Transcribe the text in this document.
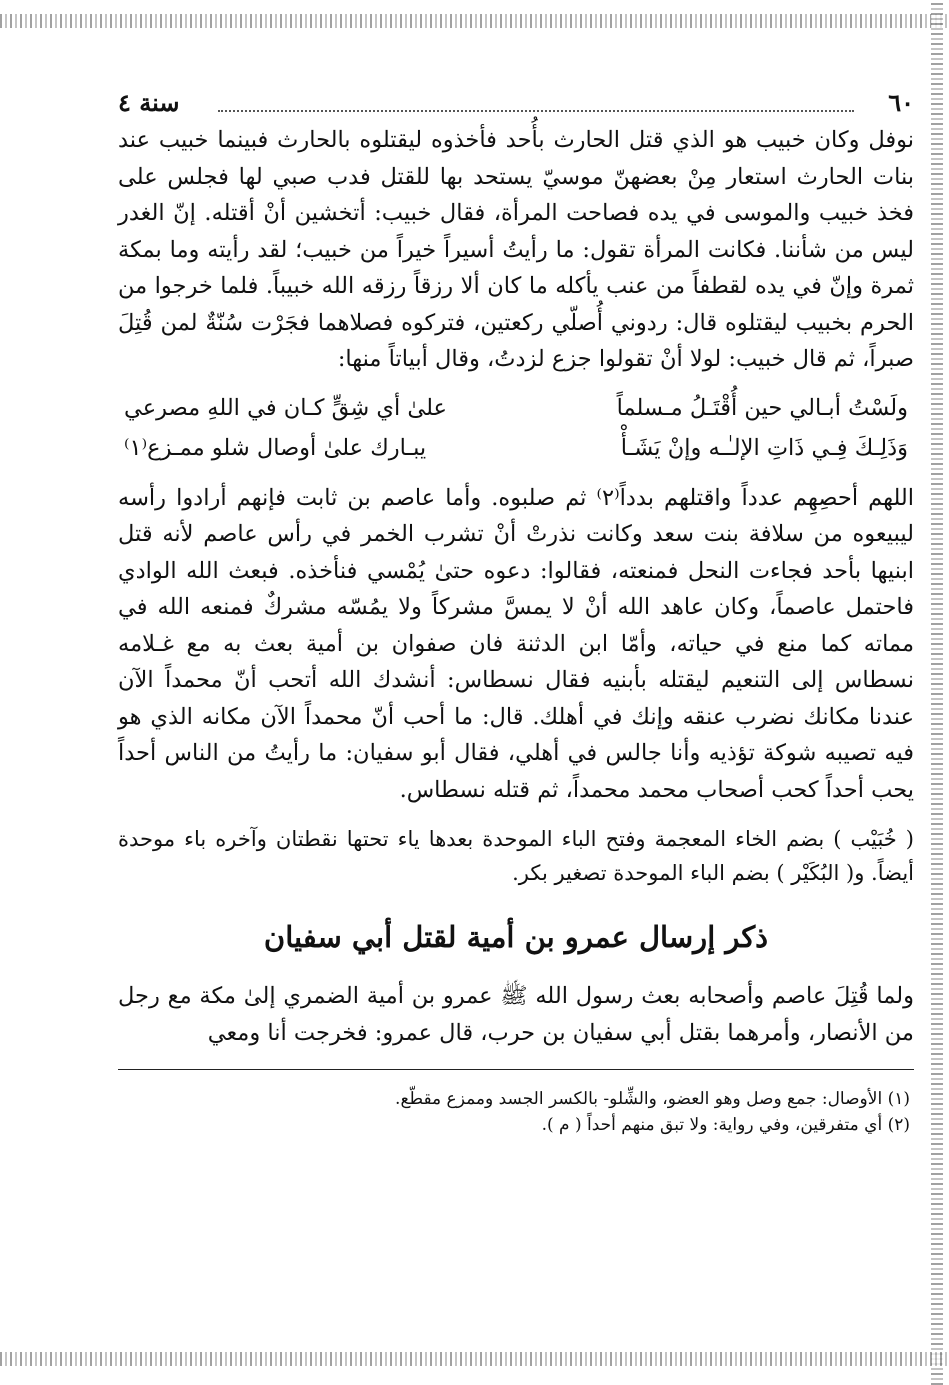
٦٠
سنة ٤

نوفل وكان خبيب هو الذي قتل الحارث بأُحد فأخذوه ليقتلوه بالحارث فبينما خبيب عند بنات الحارث استعار مِنْ بعضهنّ موسيّ يستحد بها للقتل فدب صبي لها فجلس على فخذ خبيب والموسى في يده فصاحت المرأة، فقال خبيب: أتخشين أنْ أقتله. إنّ الغدر ليس من شأننا. فكانت المرأة تقول: ما رأيتُ أسيراً خيراً من خبيب؛ لقد رأيته وما بمكة ثمرة وإنّ في يده لقطفاً من عنب يأكله ما كان ألا رزقاً رزقه الله خبيباً. فلما خرجوا من الحرم بخبيب ليقتلوه قال: ردوني أُصلّي ركعتين، فتركوه فصلاهما فجَرْت سُنّةٌ لمن قُتِلَ صبراً، ثم قال خبيب: لولا أنْ تقولوا جزع لزدتُ، وقال أبياتاً منها:

ولَسْتُ أبـالي حين أُقْتَـلُ مـسلماً
علىٰ أي شِقٍّ كـان في اللهِ مصرعي
وَذَلِـكَ فِـي ذَاتِ الإلـٰـه وإنْ يَشَـأْ
يبـارك علىٰ أوصال شلو ممـزع⁽١⁾

اللهم أحصِهِم عدداً واقتلهم بدداً⁽٢⁾ ثم صلبوه. وأما عاصم بن ثابت فإنهم أرادوا رأسه ليبيعوه من سلافة بنت سعد وكانت نذرتْ أنْ تشرب الخمر في رأس عاصم لأنه قتل ابنيها بأحد فجاءت النحل فمنعته، فقالوا: دعوه حتىٰ يُمْسي فنأخذه. فبعث الله الوادي فاحتمل عاصماً، وكان عاهد الله أنْ لا يمسَّ مشركاً ولا يمُسّه مشركٌ فمنعه الله في مماته كما منع في حياته، وأمّا ابن الدثنة فان صفوان بن أمية بعث به مع غـلامه نسطاس إلى التنعيم ليقتله بأبنيه فقال نسطاس: أنشدك الله أتحب أنّ محمداً الآن عندنا مكانك نضرب عنقه وإنك في أهلك. قال: ما أحب أنّ محمداً الآن مكانه الذي هو فيه تصيبه شوكة تؤذيه وأنا جالس في أهلي، فقال أبو سفيان: ما رأيتُ من الناس أحداً يحب أحداً كحب أصحاب محمد محمداً، ثم قتله نسطاس.

( خُبَيْب ) بضم الخاء المعجمة وفتح الباء الموحدة بعدها ياء تحتها نقطتان وآخره باء موحدة أيضاً. و( البُكَيْر ) بضم الباء الموحدة تصغير بكر.

ذكر إرسال عمرو بن أمية لقتل أبي سفيان

ولما قُتِلَ عاصم وأصحابه بعث رسول الله ﷺ عمرو بن أمية الضمري إلىٰ مكة مع رجل من الأنصار، وأمرهما بقتل أبي سفيان بن حرب، قال عمرو: فخرجت أنا ومعي

(١) الأوصال: جمع وصل وهو العضو، والشِّلو- بالكسر الجسد وممزع مقطّع.
(٢) أي متفرقين، وفي رواية: ولا تبق منهم أحداً ( م ).
